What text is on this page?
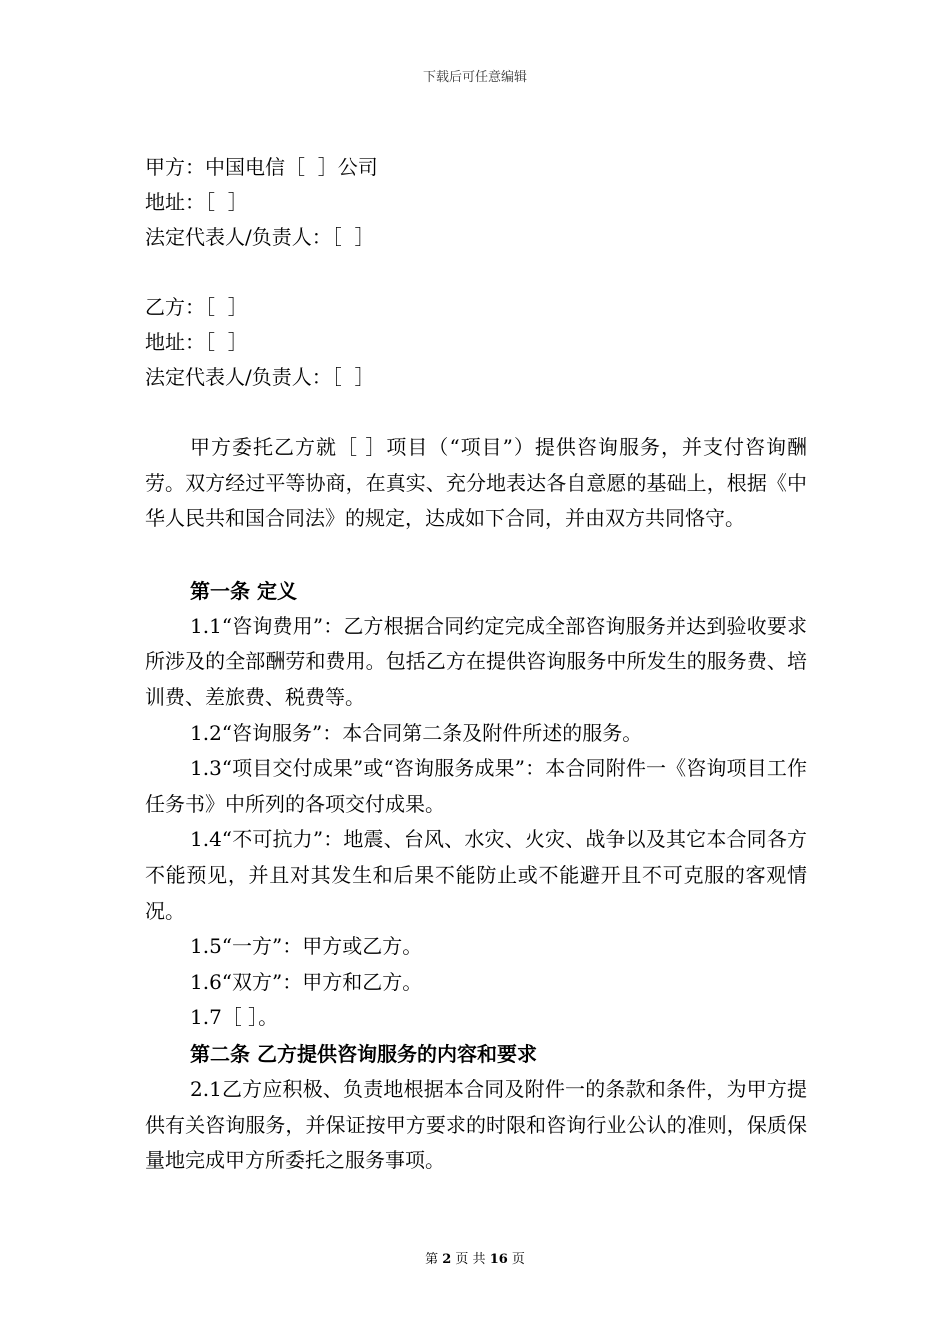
下载后可任意编辑
甲方：中国电信［  ］公司
地址：［  ］
法定代表人/负责人：［  ］
乙方：［  ］
地址：［  ］
法定代表人/负责人：［  ］

甲方委托乙方就［ ］项目（“项目”）提供咨询服务，并支付咨询酬劳。双方经过平等协商，在真实、充分地表达各自意愿的基础上，根据《中华人民共和国合同法》的规定，达成如下合同，并由双方共同恪守。

第一条 定义

1.1“咨询费用”：乙方根据合同约定完成全部咨询服务并达到验收要求所涉及的全部酬劳和费用。包括乙方在提供咨询服务中所发生的服务费、培训费、差旅费、税费等。

1.2“咨询服务”：本合同第二条及附件所述的服务。

1.3“项目交付成果”或“咨询服务成果”：本合同附件一《咨询项目工作任务书》中所列的各项交付成果。

1.4“不可抗力”：地震、台风、水灾、火灾、战争以及其它本合同各方不能预见，并且对其发生和后果不能防止或不能避开且不可克服的客观情况。

1.5“一方”：甲方或乙方。

1.6“双方”：甲方和乙方。

1.7［ ］。

第二条 乙方提供咨询服务的内容和要求

2.1乙方应积极、负责地根据本合同及附件一的条款和条件，为甲方提供有关咨询服务，并保证按甲方要求的时限和咨询行业公认的准则，保质保量地完成甲方所委托之服务事项。

第 2 页 共 16 页
